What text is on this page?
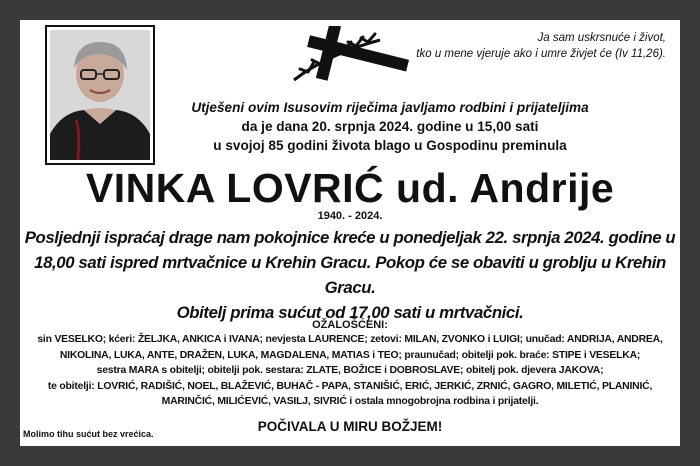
Ja sam uskrsnuće i život,
tko u mene vjeruje ako i umre živjet će (Iv 11,26).
Utješeni ovim Isusovim riječima javljamo rodbini i prijateljima
da je dana 20. srpnja 2024. godine u 15,00 sati
u svojoj 85 godini života blago u Gospodinu preminula
VINKA LOVRIĆ ud. Andrije
1940. - 2024.
Posljednji ispraćaj drage nam pokojnice kreće u ponedjeljak 22. srpnja 2024. godine u
18,00 sati ispred mrtvačnice u Krehin Gracu. Pokop će se obaviti u groblju u Krehin Gracu.
Obitelj prima sućut od 17,00 sati u mrtvačnici.
OŽALOŠĆENI:
sin VESELKO; kćeri: ŽELJKA, ANKICA i IVANA; nevjesta LAURENCE; zetovi: MILAN, ZVONKO i LUIGI; unučad: ANDRIJA, ANDREA,
NIKOLINA, LUKA, ANTE, DRAŽEN, LUKA, MAGDALENA, MATIAS i TEO; praunučad; obitelji pok. braće: STIPE i VESELKA;
sestra MARA s obitelji; obitelji pok. sestara: ZLATE, BOŽICE i DOBROSLAVE; obitelj pok. djevera JAKOVA;
te obitelji: LOVRIĆ, RADIŠIĆ, NOEL, BLAŽEVIĆ, BUHAČ - PAPA, STANIŠIĆ, ERIĆ, JERKIĆ, ZRNIĆ, GAGRO, MILETIĆ, PLANINIĆ,
MARINČIĆ, MILIĆEVIĆ, VASILJ, SIVRIĆ i ostala mnogobrojna rodbina i prijatelji.
Molimo tihu sućut bez vrećica.	POČIVALA U MIRU BOŽJEM!
